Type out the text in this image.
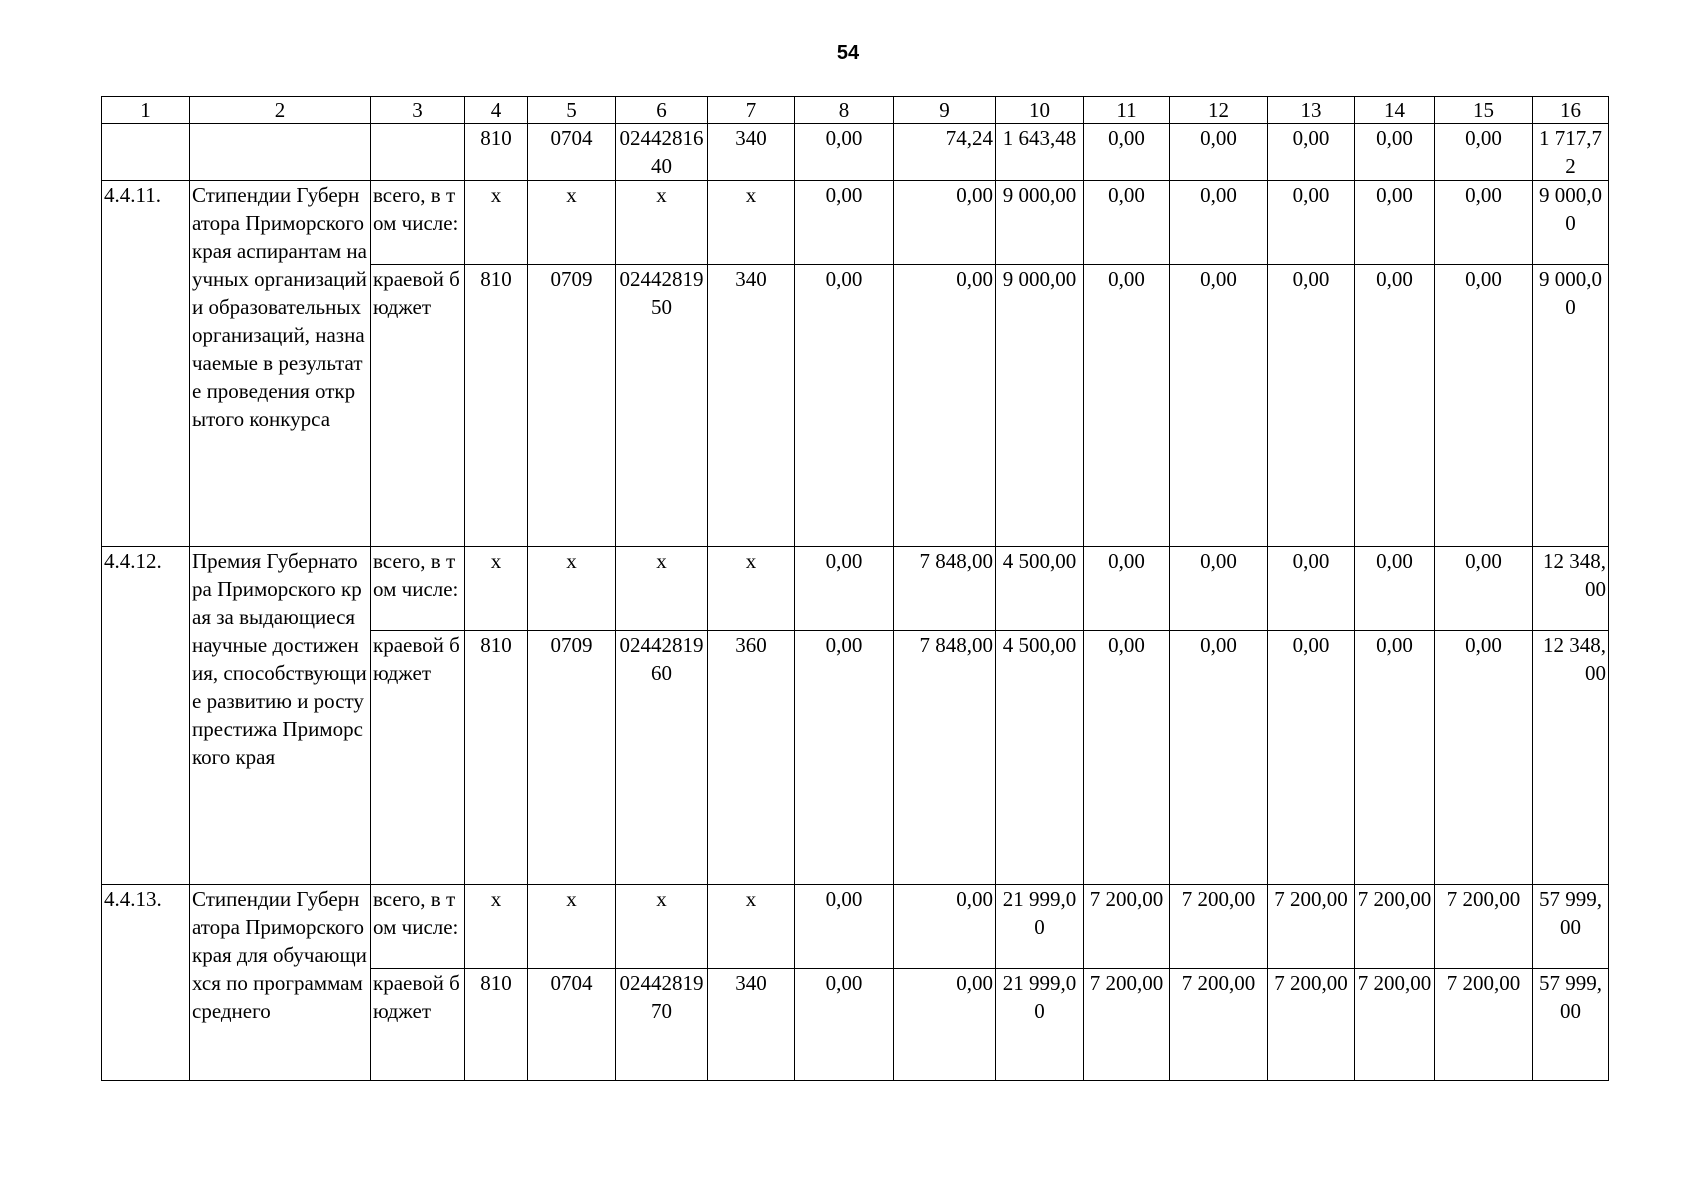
54
1	2	3	4	5	6	7	8	9	10	11	12	13	14	15	16
			810	0704	0244281640	340	0,00	74,24	1 643,48	0,00	0,00	0,00	0,00	0,00	1 717,72
4.4.11.	Стипендии Губернатора Приморского края аспирантам научных организаций и образовательных организаций, назначаемые в результате проведения открытого конкурса	всего, в том числе:	x	x	x	x	0,00	0,00	9 000,00	0,00	0,00	0,00	0,00	0,00	9 000,00
		краевой бюджет	810	0709	0244281950	340	0,00	0,00	9 000,00	0,00	0,00	0,00	0,00	0,00	9 000,00
4.4.12.	Премия Губернатора Приморского края за выдающиеся научные достижения, способствующие развитию и росту престижа Приморского края	всего, в том числе:	x	x	x	x	0,00	7 848,00	4 500,00	0,00	0,00	0,00	0,00	0,00	12 348,00
		краевой бюджет	810	0709	0244281960	360	0,00	7 848,00	4 500,00	0,00	0,00	0,00	0,00	0,00	12 348,00
4.4.13.	Стипендии Губернатора Приморского края для обучающихся по программам среднего	всего, в том числе:	x	x	x	x	0,00	0,00	21 999,00	7 200,00	7 200,00	7 200,00	7 200,00	7 200,00	57 999,00
		краевой бюджет	810	0704	0244281970	340	0,00	0,00	21 999,00	7 200,00	7 200,00	7 200,00	7 200,00	7 200,00	57 999,00
